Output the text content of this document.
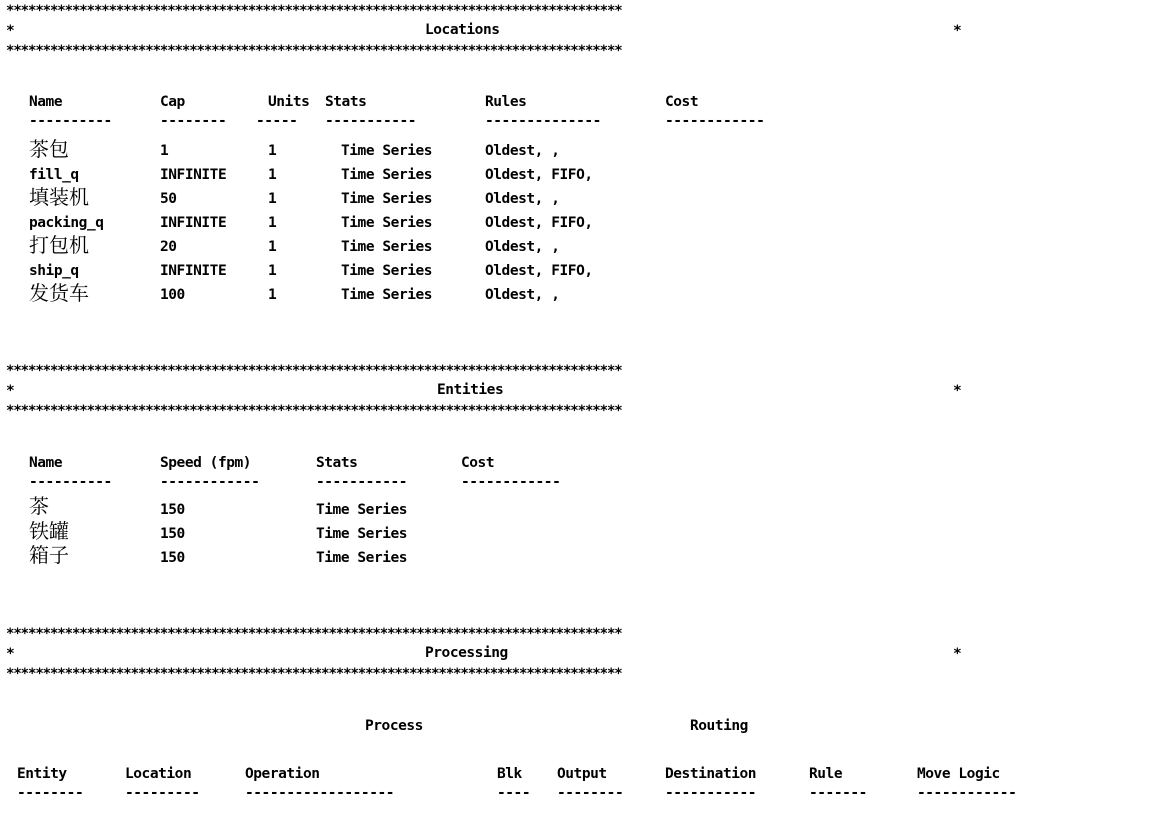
************************************************************************************
*	Locations	*
************************************************************************************
Name	Cap	Units Stats	Rules	Cost
----------	-------- ----- -----------	--------------	------------
茶包	1	1	Time Series	Oldest, ,
fill_q	INFINITE	1	Time Series	Oldest, FIFO,
填装机	50	1	Time Series	Oldest, ,
packing_q	INFINITE	1	Time Series	Oldest, FIFO,
打包机	20	1	Time Series	Oldest, ,
ship_q	INFINITE	1	Time Series	Oldest, FIFO,
发货车	100	1	Time Series	Oldest, ,
************************************************************************************
*	Entities	*
************************************************************************************
Name	Speed (fpm)	Stats	Cost
----------	------------	-----------	------------
茶	150	Time Series
铁罐	150	Time Series
箱子	150	Time Series
************************************************************************************
*	Processing	*
************************************************************************************
Process	Routing
Entity	Location	Operation	Blk Output	Destination	Rule	Move Logic
--------	---------	------------------	---- --------	-----------	-------	------------
